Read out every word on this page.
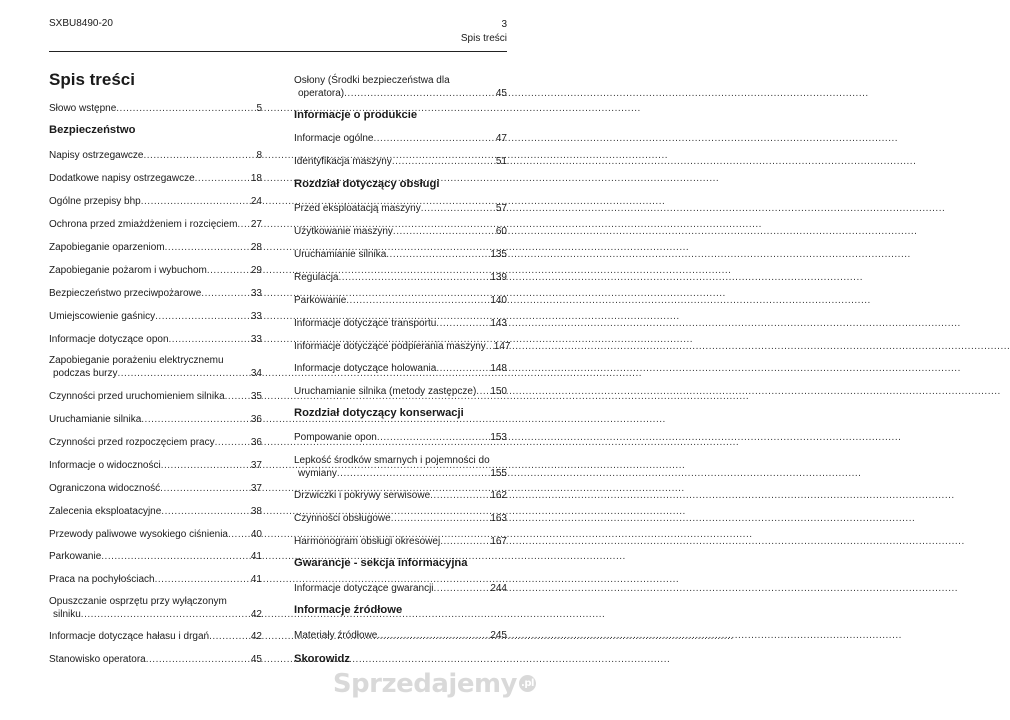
SXBU8490-20	3
Spis treści
Spis treści
Słowo wstępne .....	5
Bezpieczeństwo
Napisy ostrzegawcze .....	8
Dodatkowe napisy ostrzegawcze .....	18
Ogólne przepisy bhp .....	24
Ochrona przed zmiażdżeniem i rozcięciem ..... 27
Zapobieganie oparzeniom .....	28
Zapobieganie pożarom i wybuchom .....	29
Bezpieczeństwo przeciwpożarowe .....	33
Umiejscowienie gaśnicy .....	33
Informacje dotyczące opon .....	33
Zapobieganie porażeniu elektrycznemu
podczas burzy .....	34
Czynności przed uruchomieniem silnika .....	35
Uruchamianie silnika .....	36
Czynności przed rozpoczęciem pracy .....	36
Informacje o widoczności .....	37
Ograniczona widoczność .....	37
Zalecenia eksploatacyjne .....	38
Przewody paliwowe wysokiego ciśnienia ..... 40
Parkowanie .....	41
Praca na pochyłościach .....	41
Opuszczanie osprzętu przy wyłączonym
silniku .....	42
Informacje dotyczące hałasu i drgań .....	42
Stanowisko operatora .....	45
Osłony (Środki bezpieczeństwa dla
operatora) .....	45
Informacje o produkcie
Informacje ogólne .....	47
Identyfikacja maszyny .....	51
Rozdział dotyczący obsługi
Przed eksploatacją maszyny .....	57
Użytkowanie maszyny .....	60
Uruchamianie silnika .....	135
Regulacja .....	139
Parkowanie .....	140
Informacje dotyczące transportu .....	143
Informacje dotyczące podpierania maszyny ..... 147
Informacje dotyczące holowania .....	148
Uruchamianie silnika (metody zastępcze) ..... 150
Rozdział dotyczący konserwacji
Pompowanie opon .....	153
Lepkość środków smarnych i pojemności do
wymiany .....	155
Drzwiczki i pokrywy serwisowe .....	162
Czynności obsługowe .....	163
Harmonogram obsługi okresowej .....	167
Gwarancje - sekcja informacyjna
Informacje dotyczące gwarancji .....	244
Informacje źródłowe
Materiały źródłowe .....	245
Skorowidz
Sprzedajemy .pl
